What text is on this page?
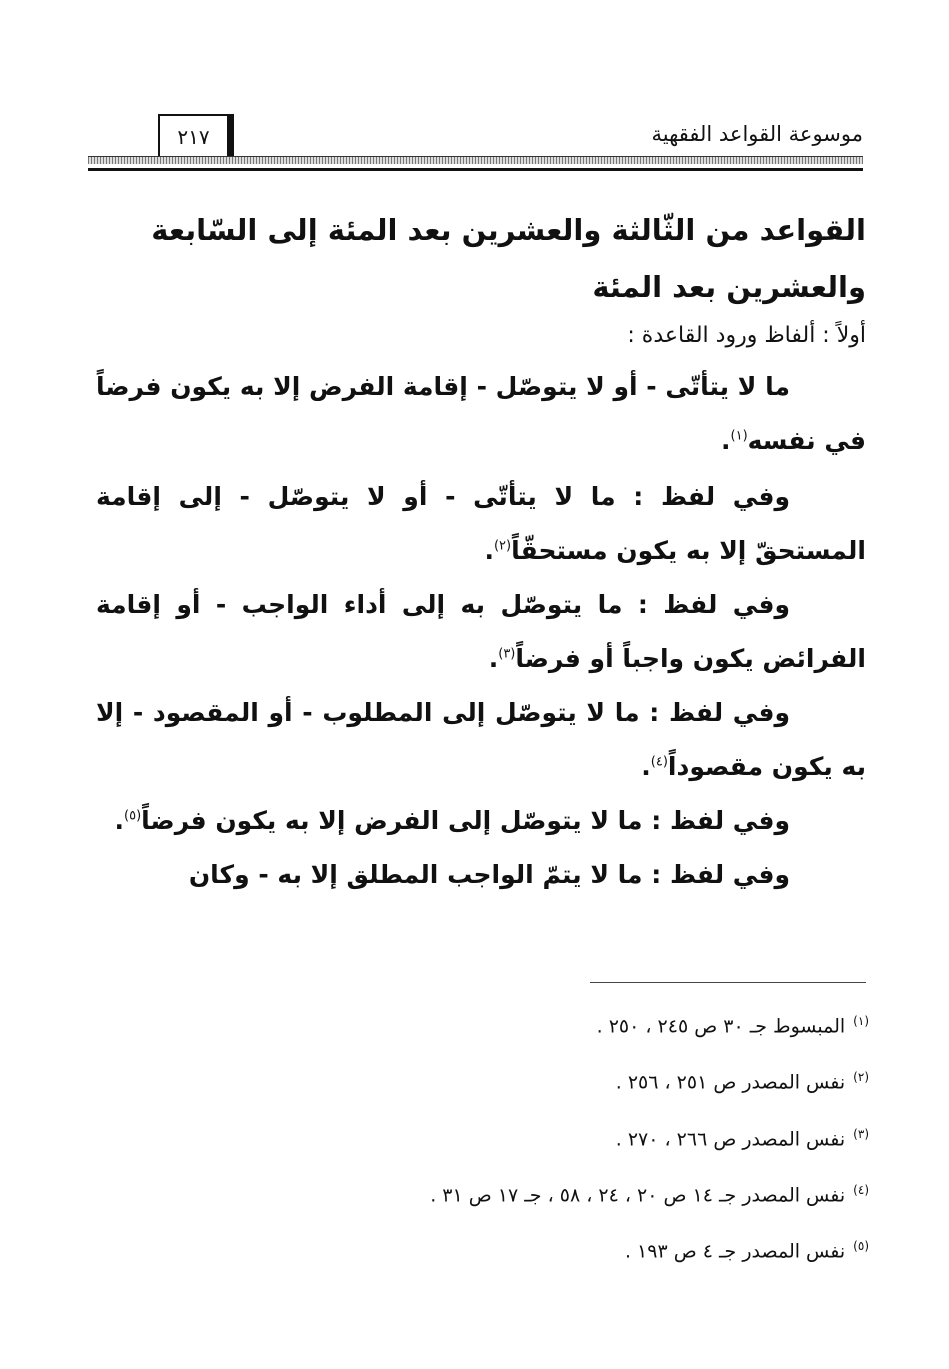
موسوعة القواعد الفقهية
٢١٧
القواعد من الثّالثة والعشرين بعد المئة إلى السّابعة والعشرين بعد المئة

أولاً : ألفاظ ورود القاعدة :

ما لا يتأتّى - أو لا يتوصّل - إقامة الفرض إلا به يكون فرضاً في نفسه$^{(١)}$.

وفي لفظ : ما لا يتأتّى - أو لا يتوصّل - إلى إقامة المستحقّ إلا به يكون مستحقّاً$^{(٢)}$.

وفي لفظ : ما يتوصّل به إلى أداء الواجب - أو إقامة الفرائض يكون واجباً أو فرضاً$^{(٣)}$.

وفي لفظ : ما لا يتوصّل إلى المطلوب - أو المقصود - إلا به يكون مقصوداً$^{(٤)}$.

وفي لفظ : ما لا يتوصّل إلى الفرض إلا به يكون فرضاً$^{(٥)}$.

وفي لفظ : ما لا يتمّ الواجب المطلق إلا به - وكان

$^{(١)}$المبسوط جـ ٣٠ ص ٢٤٥ ، ٢٥٠ .
$^{(٢)}$نفس المصدر ص ٢٥١ ، ٢٥٦ .
$^{(٣)}$نفس المصدر ص ٢٦٦ ، ٢٧٠ .
$^{(٤)}$نفس المصدر جـ ١٤ ص ٢٠ ، ٢٤ ، ٥٨ ، جـ ١٧ ص ٣١ .
$^{(٥)}$نفس المصدر جـ ٤ ص ١٩٣ .
